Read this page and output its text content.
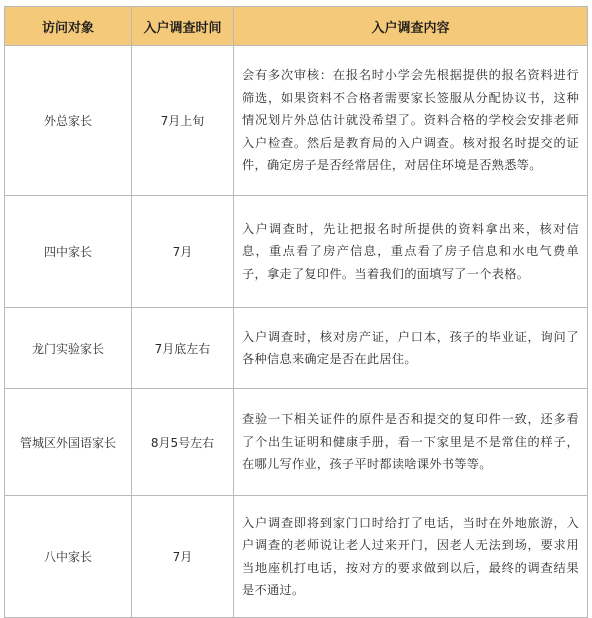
访问对象	入户调查时间	入户调查内容
外总家长	7月上旬	会有多次审核：在报名时小学会先根据提供的报名资料进行筛选，如果资料不合格者需要家长签服从分配协议书，这种情况划片外总估计就没希望了。资料合格的学校会安排老师入户检查。然后是教育局的入户调查。核对报名时提交的证件，确定房子是否经常居住，对居住环境是否熟悉等。
四中家长	7月	入户调查时，先让把报名时所提供的资料拿出来，核对信息，重点看了房产信息，重点看了房子信息和水电气费单子，拿走了复印件。当着我们的面填写了一个表格。
龙门实验家长	7月底左右	入户调查时，核对房产证，户口本，孩子的毕业证，询问了各种信息来确定是否在此居住。
管城区外国语家长	8月5号左右	查验一下相关证件的原件是否和提交的复印件一致，还多看了个出生证明和健康手册，看一下家里是不是常住的样子，在哪儿写作业，孩子平时都读啥课外书等等。
八中家长	7月	入户调查即将到家门口时给打了电话，当时在外地旅游，入户调查的老师说让老人过来开门，因老人无法到场，要求用当地座机打电话，按对方的要求做到以后，最终的调查结果是不通过。
